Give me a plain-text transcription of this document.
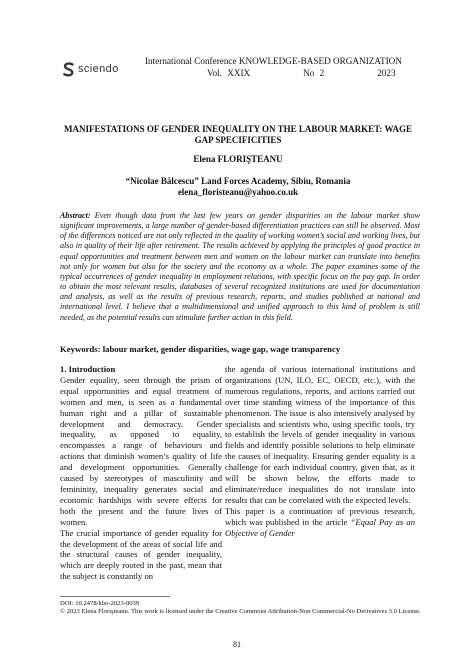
sciendo
International Conference KNOWLEDGE-BASED ORGANIZATION
Vol. XXIX          No 2          2023
MANIFESTATIONS OF GENDER INEQUALITY ON THE LABOUR MARKET: WAGE GAP SPECIFICITIES
Elena FLORIŞTEANU
“Nicolae Bălcescu” Land Forces Academy, Sibiu, Romania
elena_floristeanu@yahoo.co.uk
Abstract: Even though data from the last few years on gender disparities on the labour market show significant improvements, a large number of gender-based differentiation practices can still be observed. Most of the differences noticed are not only reflected in the quality of working women’s social and working lives, but also in quality of their life after retirement. The results achieved by applying the principles of good practice in equal opportunities and treatment between men and women on the labour market can translate into benefits not only for women but also for the society and the economy as a whole. The paper examines some of the typical occurrences of gender inequality in employment relations, with specific focus on the pay gap. In order to obtain the most relevant results, databases of several recognized institutions are used for documentation and analysis, as well as the results of previous research, reports, and studies published at national and international level. I believe that a multidimensional and unified approach to this kind of problem is still needed, as the potential results can stimulate further action in this field.
Keywords: labour market, gender disparities, wage gap, wage transparency

1. Introduction

Gender equality, seen through the prism of equal opportunities and equal treatment of women and men, is seen as a fundamental human right and a pillar of sustainable development and democracy. Gender inequality, as opposed to equality, encompasses a range of behaviours and actions that diminish women’s quality of life and development opportunities. Generally caused by stereotypes of masculinity and femininity, inequality generates social and economic hardships with severe effects for both the present and the future lives of women.

The crucial importance of gender equality for the development of the areas of social life and the structural causes of gender inequality, which are deeply rooted in the past, mean that the subject is constantly on

the agenda of various international institutions and organizations (UN, ILO, EC, OECD, etc.), with the numerous regulations, reports, and actions carried out over time standing witness of the importance of this phenomenon. The issue is also intensively analysed by specialists and scientists who, using specific tools, try to establish the levels of gender inequality in various fields and identify possible solutions to help eliminate the causes of inequality. Ensuring gender equality is a challenge for each individual country, given that, as it will be shown below, the efforts made to eliminate/reduce inequalities do not translate into results that can be correlated with the expected levels.

This paper is a continuation of previous research, which was published in the article “Equal Pay as an Objective of Gender

DOI: 10.2478/kbo-2023-0039
© 2023 Elena Florişteanu. This work is licensed under the Creative Commons Attribution-Non Commercial-No Derivatives 3.0 License.
81
